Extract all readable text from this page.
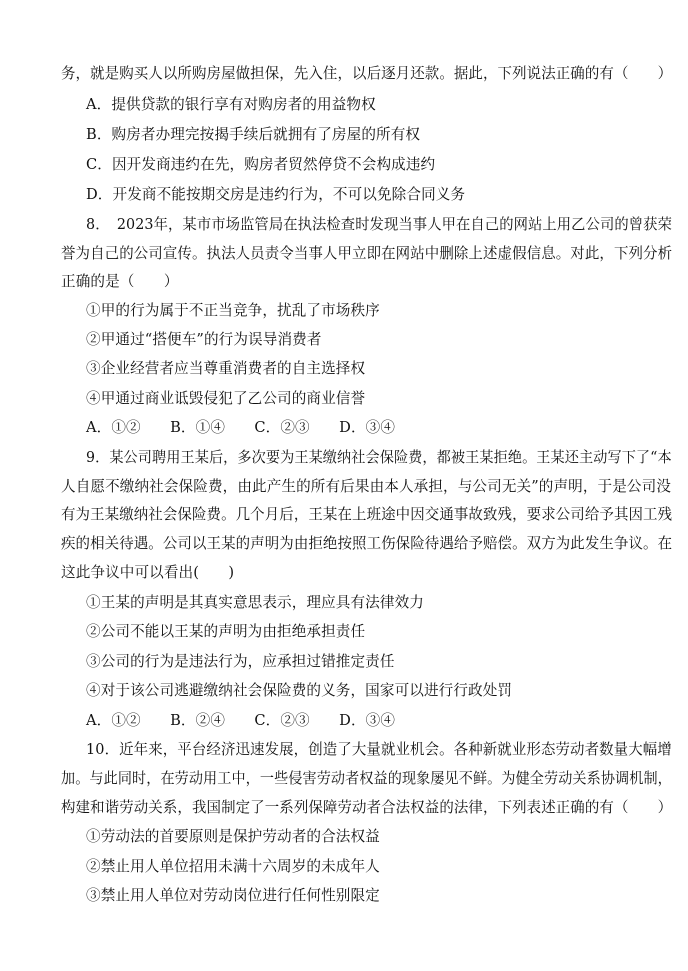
务，就是购买人以所购房屋做担保，先入住，以后逐月还款。据此，下列说法正确的有（　　）
A．提供贷款的银行享有对购房者的用益物权
B．购房者办理完按揭手续后就拥有了房屋的所有权
C．因开发商违约在先，购房者贸然停贷不会构成违约
D．开发商不能按期交房是违约行为，不可以免除合同义务
8．　2023年，某市市场监管局在执法检查时发现当事人甲在自己的网站上用乙公司的曾获荣
誉为自己的公司宣传。执法人员责令当事人甲立即在网站中删除上述虚假信息。对此，下列分析
正确的是（　　）
①甲的行为属于不正当竞争，扰乱了市场秩序
②甲通过“搭便车”的行为误导消费者
③企业经营者应当尊重消费者的自主选择权
④甲通过商业诋毁侵犯了乙公司的商业信誉
A．①②　　B．①④　　C．②③　　D．③④
9．某公司聘用王某后，多次要为王某缴纳社会保险费，都被王某拒绝。王某还主动写下了“本
人自愿不缴纳社会保险费，由此产生的所有后果由本人承担，与公司无关”的声明，于是公司没
有为王某缴纳社会保险费。几个月后，王某在上班途中因交通事故致残，要求公司给予其因工残
疾的相关待遇。公司以王某的声明为由拒绝按照工伤保险待遇给予赔偿。双方为此发生争议。在
这此争议中可以看出(　　)
①王某的声明是其真实意思表示，理应具有法律效力
②公司不能以王某的声明为由拒绝承担责任
③公司的行为是违法行为，应承担过错推定责任
④对于该公司逃避缴纳社会保险费的义务，国家可以进行行政处罚
A．①②　　B．②④　　C．②③　　D．③④
10．近年来，平台经济迅速发展，创造了大量就业机会。各种新就业形态劳动者数量大幅增
加。与此同时，在劳动用工中，一些侵害劳动者权益的现象屡见不鲜。为健全劳动关系协调机制，
构建和谐劳动关系，我国制定了一系列保障劳动者合法权益的法律，下列表述正确的有（　　）
①劳动法的首要原则是保护劳动者的合法权益
②禁止用人单位招用未满十六周岁的未成年人
③禁止用人单位对劳动岗位进行任何性别限定
